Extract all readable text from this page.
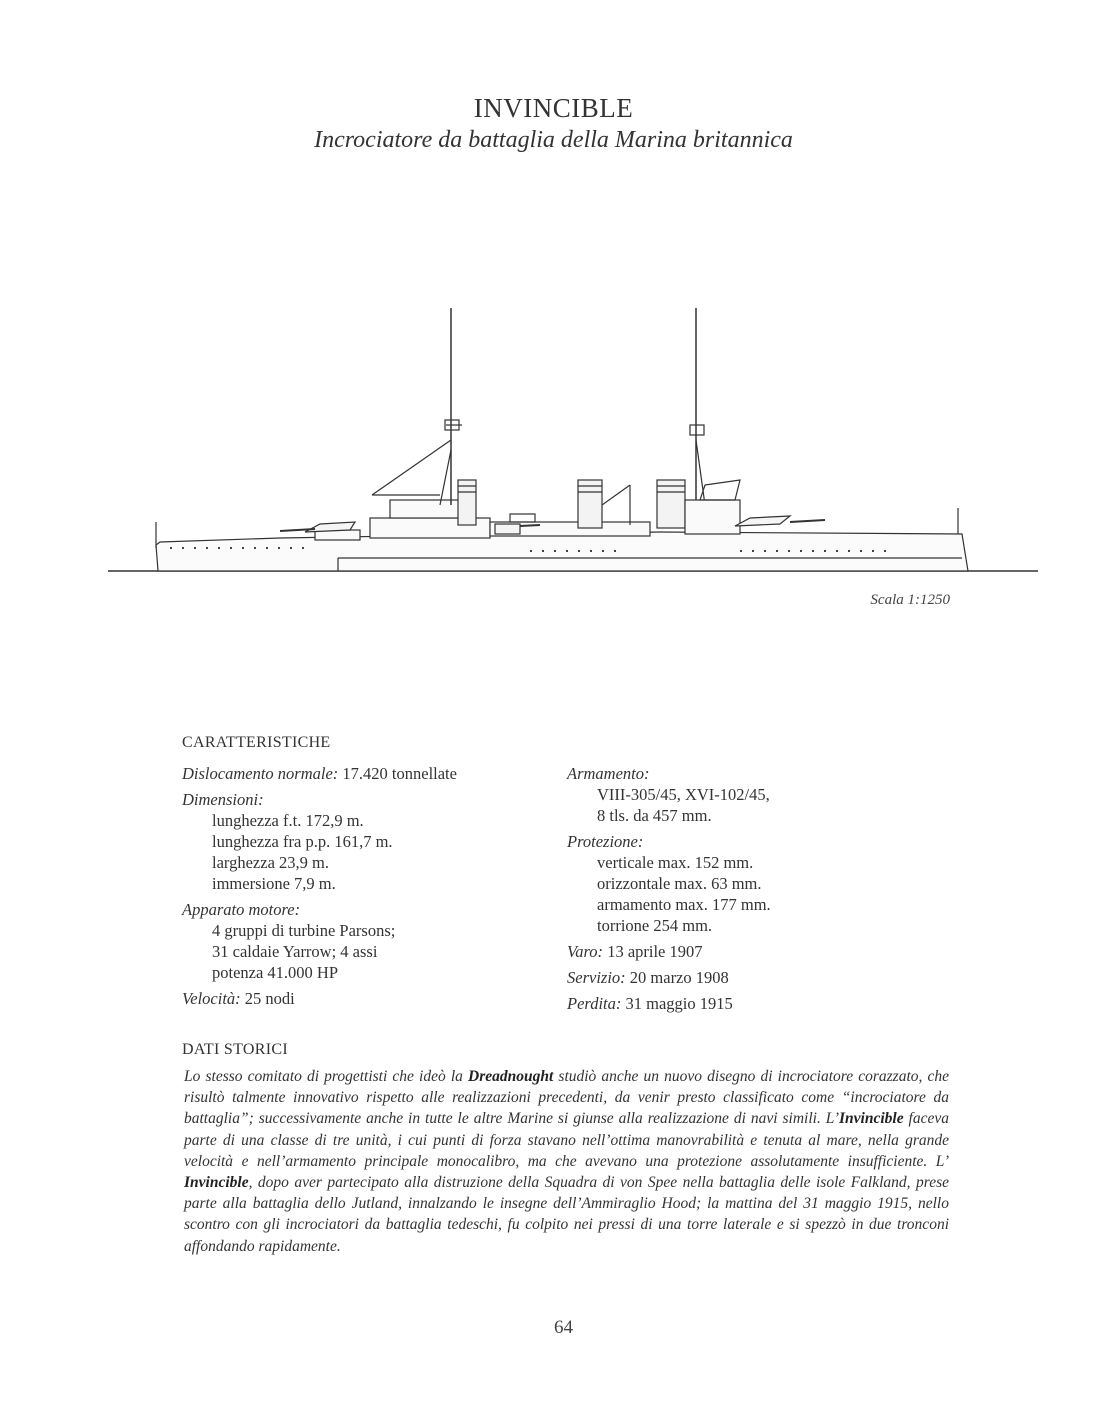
INVINCIBLE
Incrociatore da battaglia della Marina britannica
Scala 1:1250
CARATTERISTICHE
Dislocamento normale: 17.420 tonnellate
Dimensioni:
lunghezza f.t. 172,9 m.
lunghezza fra p.p. 161,7 m.
larghezza 23,9 m.
immersione 7,9 m.
Apparato motore:
4 gruppi di turbine Parsons;
31 caldaie Yarrow; 4 assi
potenza 41.000 HP
Velocità: 25 nodi
Armamento:
VIII-305/45, XVI-102/45,
8 tls. da 457 mm.
Protezione:
verticale max. 152 mm.
orizzontale max. 63 mm.
armamento max. 177 mm.
torrione 254 mm.
Varo: 13 aprile 1907
Servizio: 20 marzo 1908
Perdita: 31 maggio 1915
DATI STORICI
Lo stesso comitato di progettisti che ideò la Dreadnought studiò anche un nuovo disegno di incrociatore corazzato, che risultò talmente innovativo rispetto alle realizzazioni precedenti, da venir presto classificato come “incrociatore da battaglia”; successivamente anche in tutte le altre Marine si giunse alla realizzazione di navi simili. L’Invincible faceva parte di una classe di tre unità, i cui punti di forza stavano nell’ottima manovrabilità e tenuta al mare, nella grande velocità e nell’armamento principale monocalibro, ma che avevano una protezione assolutamente insufficiente. L’ Invincible, dopo aver partecipato alla distruzione della Squadra di von Spee nella battaglia delle isole Falkland, prese parte alla battaglia dello Jutland, innalzando le insegne dell’Ammiraglio Hood; la mattina del 31 maggio 1915, nello scontro con gli incrociatori da battaglia tedeschi, fu colpito nei pressi di una torre laterale e si spezzò in due tronconi affondando rapidamente.
64
